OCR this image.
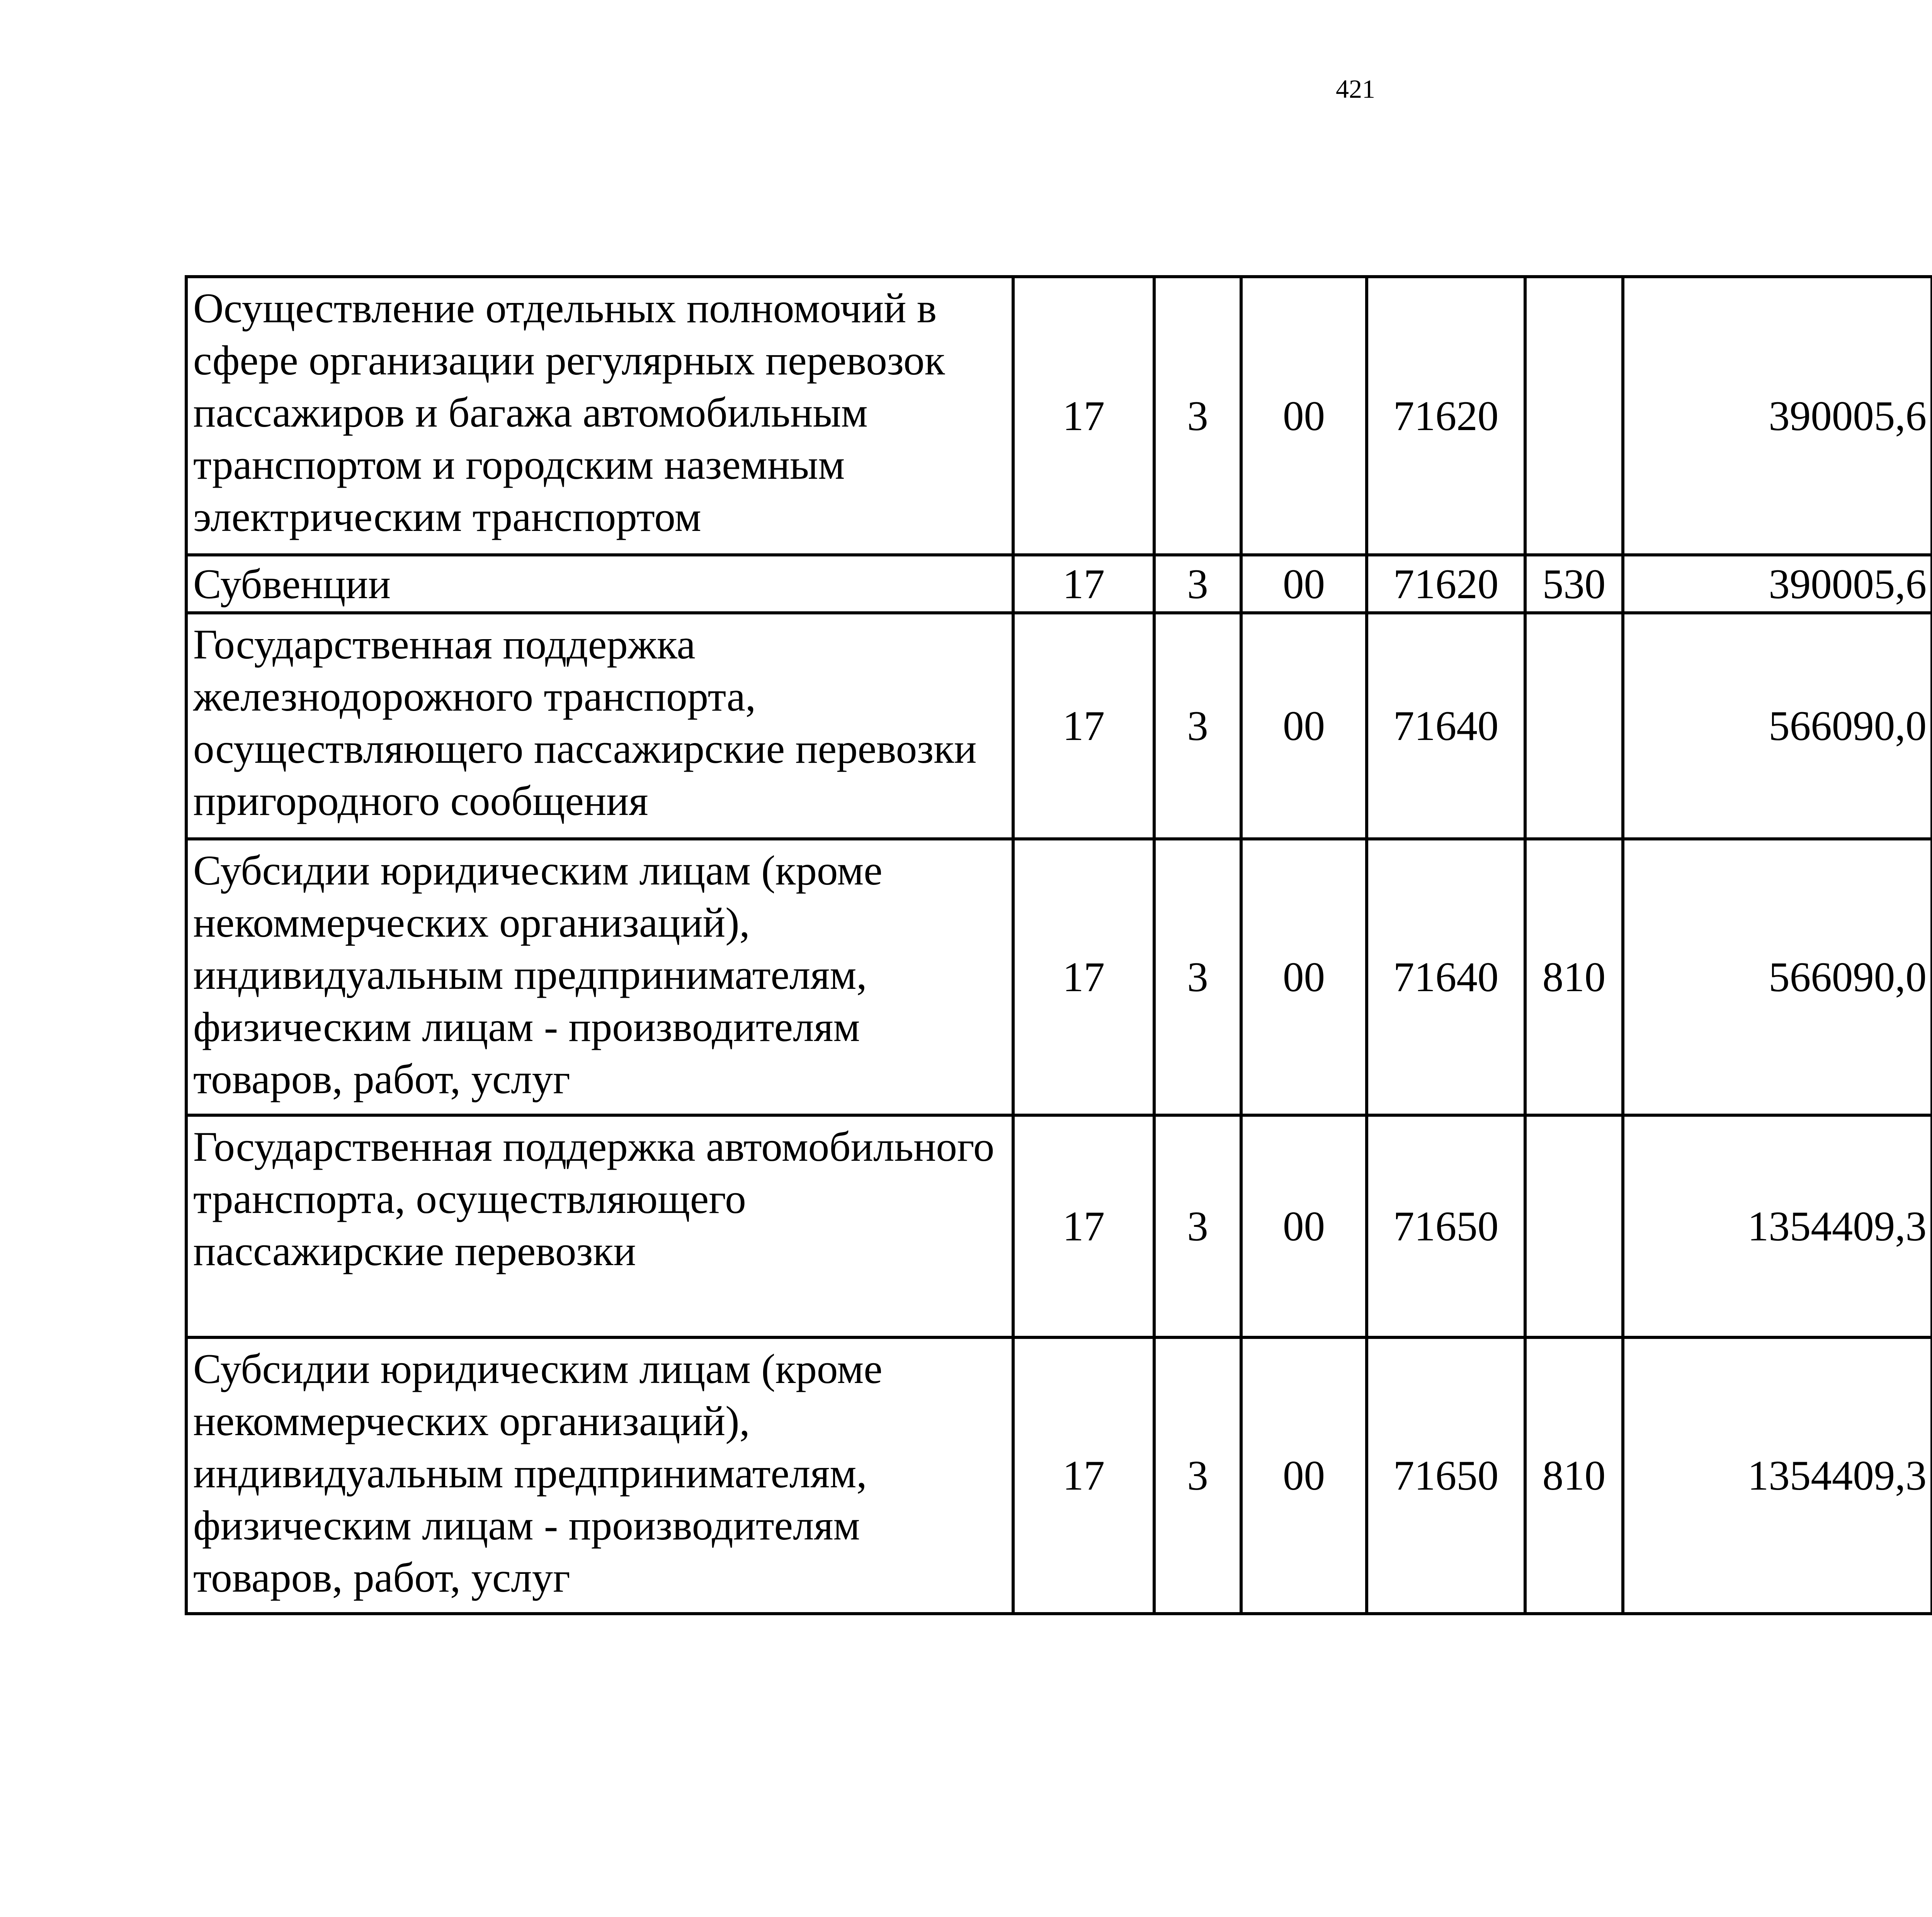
421
Осуществление отдельных полномочий в сфере организации регулярных перевозок пассажиров и багажа автомобильным транспортом и городским наземным электрическим транспортом	17	3	00	71620		390005,6		
Субвенции	17	3	00	71620	530	390005,6		
Государственная поддержка железнодорожного транспорта, осуществляющего пассажирские перевозки пригородного сообщения	17	3	00	71640		566090,0		
Субсидии юридическим лицам (кроме некоммерческих организаций), индивидуальным предпринимателям, физическим лицам - производителям товаров, работ, услуг	17	3	00	71640	810	566090,0		
Государственная поддержка автомобильного транспорта, осуществляющего пассажирские перевозки	17	3	00	71650		1354409,3		
Субсидии юридическим лицам (кроме некоммерческих организаций), индивидуальным предпринимателям, физическим лицам - производителям товаров, работ, услуг	17	3	00	71650	810	1354409,3		
